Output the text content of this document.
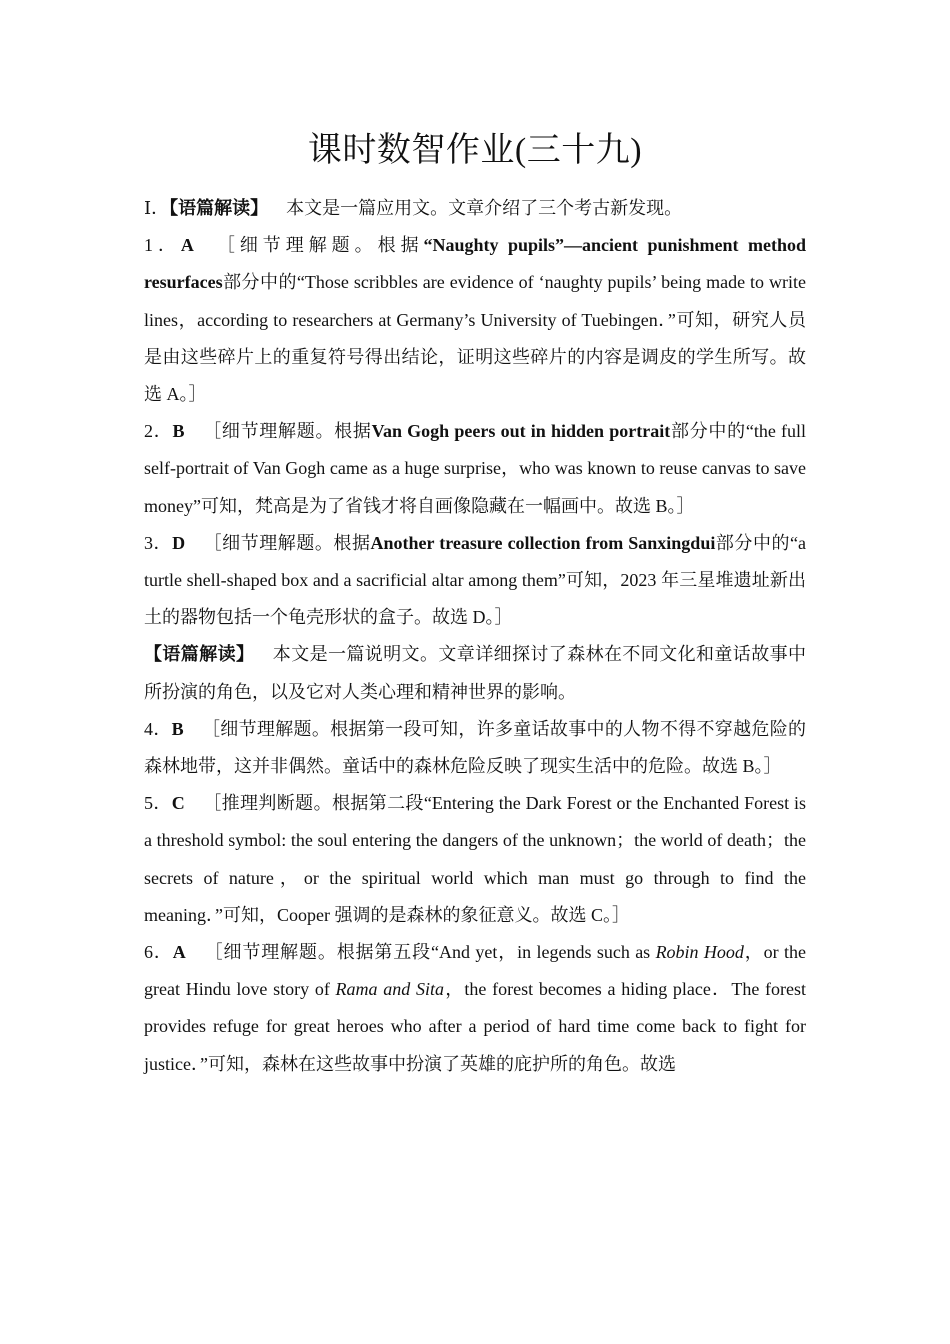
课时数智作业(三十九)

Ⅰ．【语篇解读】 本文是一篇应用文。文章介绍了三个考古新发现。

1．A ［细节理解题。根据“Naughty pupils”—ancient punishment method resurfaces部分中的“Those scribbles are evidence of ‘naughty pupils’ being made to write lines，according to researchers at Germany’s University of Tuebingen．”可知，研究人员是由这些碎片上的重复符号得出结论，证明这些碎片的内容是调皮的学生所写。故选 A。］

2．B ［细节理解题。根据Van Gogh peers out in hidden portrait部分中的“the full self-portrait of Van Gogh came as a huge surprise，who was known to reuse canvas to save money”可知，梵高是为了省钱才将自画像隐藏在一幅画中。故选 B。］

3．D ［细节理解题。根据Another treasure collection from Sanxingdui部分中的“a turtle shell-shaped box and a sacrificial altar among them”可知，2023 年三星堆遗址新出土的器物包括一个龟壳形状的盒子。故选 D。］

【语篇解读】 本文是一篇说明文。文章详细探讨了森林在不同文化和童话故事中所扮演的角色，以及它对人类心理和精神世界的影响。

4．B ［细节理解题。根据第一段可知，许多童话故事中的人物不得不穿越危险的森林地带，这并非偶然。童话中的森林危险反映了现实生活中的危险。故选 B。］

5．C ［推理判断题。根据第二段“Entering the Dark Forest or the Enchanted Forest is a threshold symbol: the soul entering the dangers of the unknown；the world of death；the secrets of nature，or the spiritual world which man must go through to find the meaning．”可知，Cooper 强调的是森林的象征意义。故选 C。］

6．A ［细节理解题。根据第五段“And yet，in legends such as Robin Hood，or the great Hindu love story of Rama and Sita，the forest becomes a hiding place．The forest provides refuge for great heroes who after a period of hard time come back to fight for justice．”可知，森林在这些故事中扮演了英雄的庇护所的角色。故选
